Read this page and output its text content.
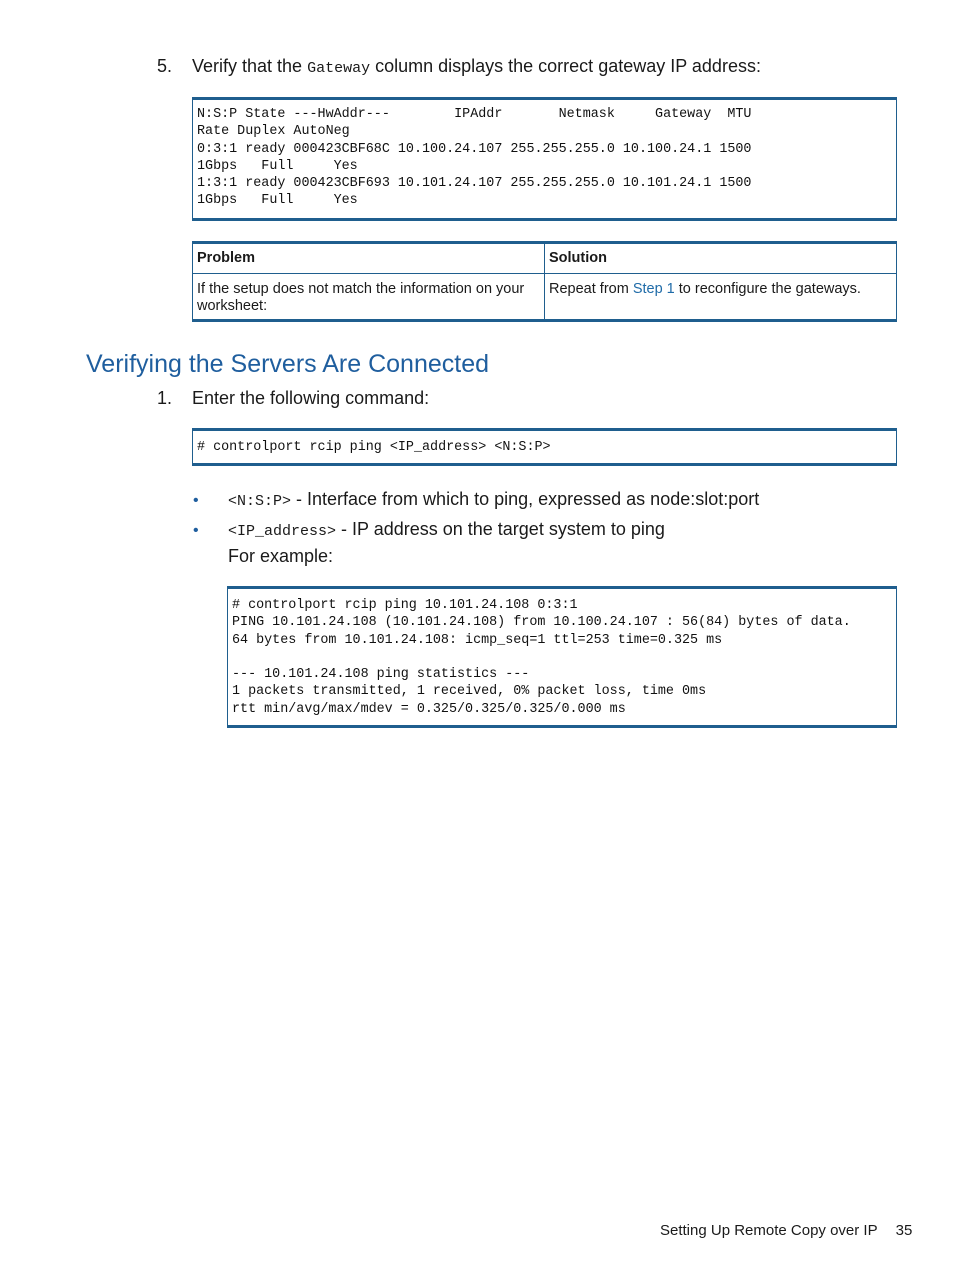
5. Verify that the Gateway column displays the correct gateway IP address:
N:S:P State ---HwAddr---        IPAddr       Netmask     Gateway  MTU
Rate Duplex AutoNeg
0:3:1 ready 000423CBF68C 10.100.24.107 255.255.255.0 10.100.24.1 1500
1Gbps   Full     Yes
1:3:1 ready 000423CBF693 10.101.24.107 255.255.255.0 10.101.24.1 1500
1Gbps   Full     Yes
Problem	Solution
If the setup does not match the information on your worksheet:	Repeat from Step 1 to reconfigure the gateways.
Verifying the Servers Are Connected
1. Enter the following command:
# controlport rcip ping <IP_address> <N:S:P>
• <N:S:P> - Interface from which to ping, expressed as node:slot:port
• <IP_address> - IP address on the target system to ping
For example:
# controlport rcip ping 10.101.24.108 0:3:1
PING 10.101.24.108 (10.101.24.108) from 10.100.24.107 : 56(84) bytes of data.
64 bytes from 10.101.24.108: icmp_seq=1 ttl=253 time=0.325 ms

--- 10.101.24.108 ping statistics ---
1 packets transmitted, 1 received, 0% packet loss, time 0ms
rtt min/avg/max/mdev = 0.325/0.325/0.325/0.000 ms
Setting Up Remote Copy over IP 35
